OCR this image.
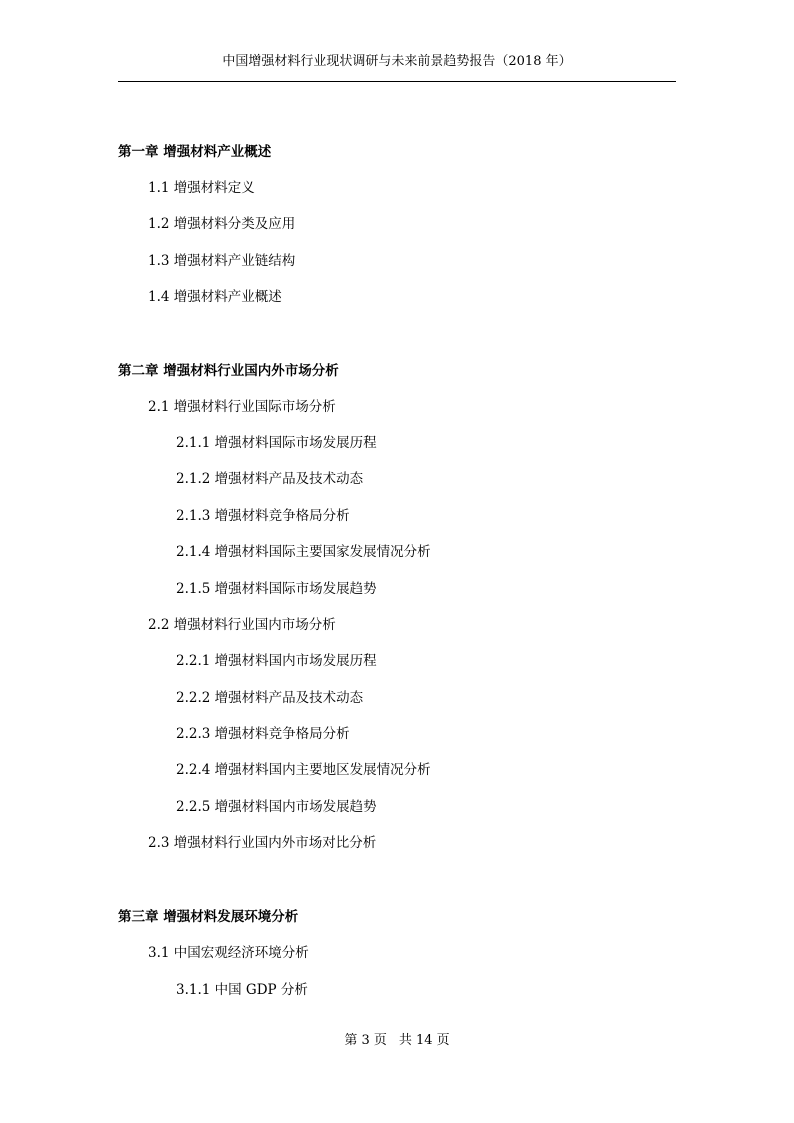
中国增强材料行业现状调研与未来前景趋势报告（2018 年）
第一章 增强材料产业概述
1.1 增强材料定义
1.2 增强材料分类及应用
1.3 增强材料产业链结构
1.4 增强材料产业概述
第二章 增强材料行业国内外市场分析
2.1 增强材料行业国际市场分析
2.1.1 增强材料国际市场发展历程
2.1.2 增强材料产品及技术动态
2.1.3 增强材料竞争格局分析
2.1.4 增强材料国际主要国家发展情况分析
2.1.5 增强材料国际市场发展趋势
2.2 增强材料行业国内市场分析
2.2.1 增强材料国内市场发展历程
2.2.2 增强材料产品及技术动态
2.2.3 增强材料竞争格局分析
2.2.4 增强材料国内主要地区发展情况分析
2.2.5 增强材料国内市场发展趋势
2.3 增强材料行业国内外市场对比分析
第三章 增强材料发展环境分析
3.1 中国宏观经济环境分析
3.1.1 中国 GDP 分析
第 3 页 共 14 页
